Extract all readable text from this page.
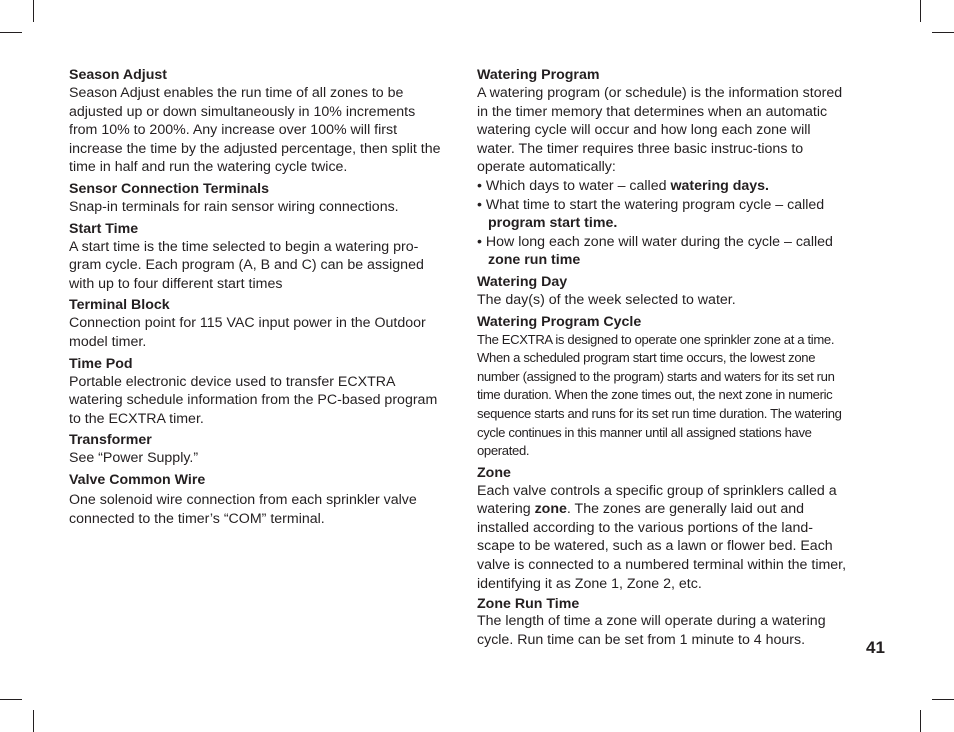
Season Adjust

Season Adjust enables the run time of all zones to be adjusted up or down simultaneously in 10% increments from 10% to 200%. Any increase over 100% will first increase the time by the adjusted percentage, then split the time in half and run the watering cycle twice.

Sensor Connection Terminals

Snap-in terminals for rain sensor wiring connections.

Start Time

A start time is the time selected to begin a watering pro-gram cycle. Each program (A, B and C) can be assigned with up to four different start times

Terminal Block

Connection point for 115 VAC input power in the Outdoor model timer.

Time Pod

Portable electronic device used to transfer ECXTRA watering schedule information from the PC-based program to the ECXTRA timer.

Transformer

See “Power Supply.”

Valve Common Wire

One solenoid wire connection from each sprinkler valve connected to the timer’s “COM” terminal.

Watering Program

A watering program (or schedule) is the information stored in the timer memory that determines when an automatic watering cycle will occur and how long each zone will water. The timer requires three basic instruc-tions to operate automatically:

• Which days to water – called watering days.

• What time to start the watering program cycle – called program start time.

• How long each zone will water during the cycle – called zone run time

Watering Day

The day(s) of the week selected to water.

Watering Program Cycle

The ECXTRA is designed to operate one sprinkler zone at a time. When a scheduled program start time occurs, the lowest zone number (assigned to the program) starts and waters for its set run time duration. When the zone times out, the next zone in numeric sequence starts and runs for its set run time duration. The watering cycle continues in this manner until all assigned stations have operated.

Zone

Each valve controls a specific group of sprinklers called a watering zone. The zones are generally laid out and installed according to the various portions of the land-scape to be watered, such as a lawn or flower bed. Each valve is connected to a numbered terminal within the timer, identifying it as Zone 1, Zone 2, etc.

Zone Run Time

The length of time a zone will operate during a watering cycle. Run time can be set from 1 minute to 4 hours.	41
